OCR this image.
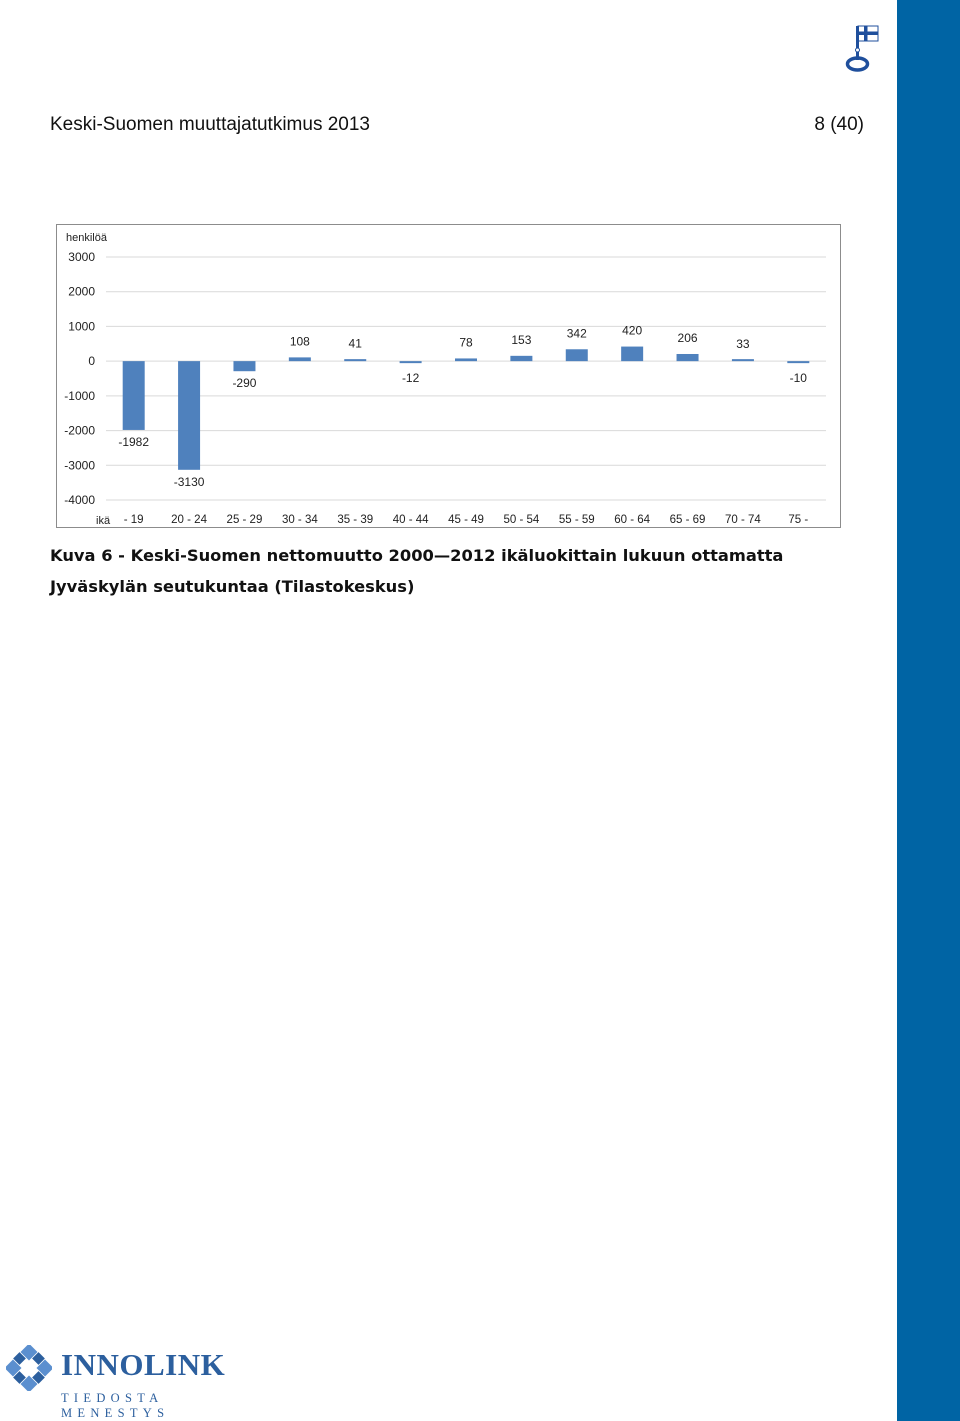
Keski-Suomen muuttajatutkimus 2013	8 (40)
3000
2000
1000
0
-1000
-2000
-3000
-4000
henkilöä
ikä
-1982
- 19
-3130
20 - 24
-290
25 - 29
108
30 - 34
41
35 - 39
-12
40 - 44
78
45 - 49
153
50 - 54
342
55 - 59
420
60 - 64
206
65 - 69
33
70 - 74
-10
75 -
Kuva 6 - Keski-Suomen nettomuutto 2000—2012 ikäluokittain lukuun ottamatta Jyväskylän seutukuntaa (Tilastokeskus)
INNOLINK
TIEDOSTA MENESTYS
